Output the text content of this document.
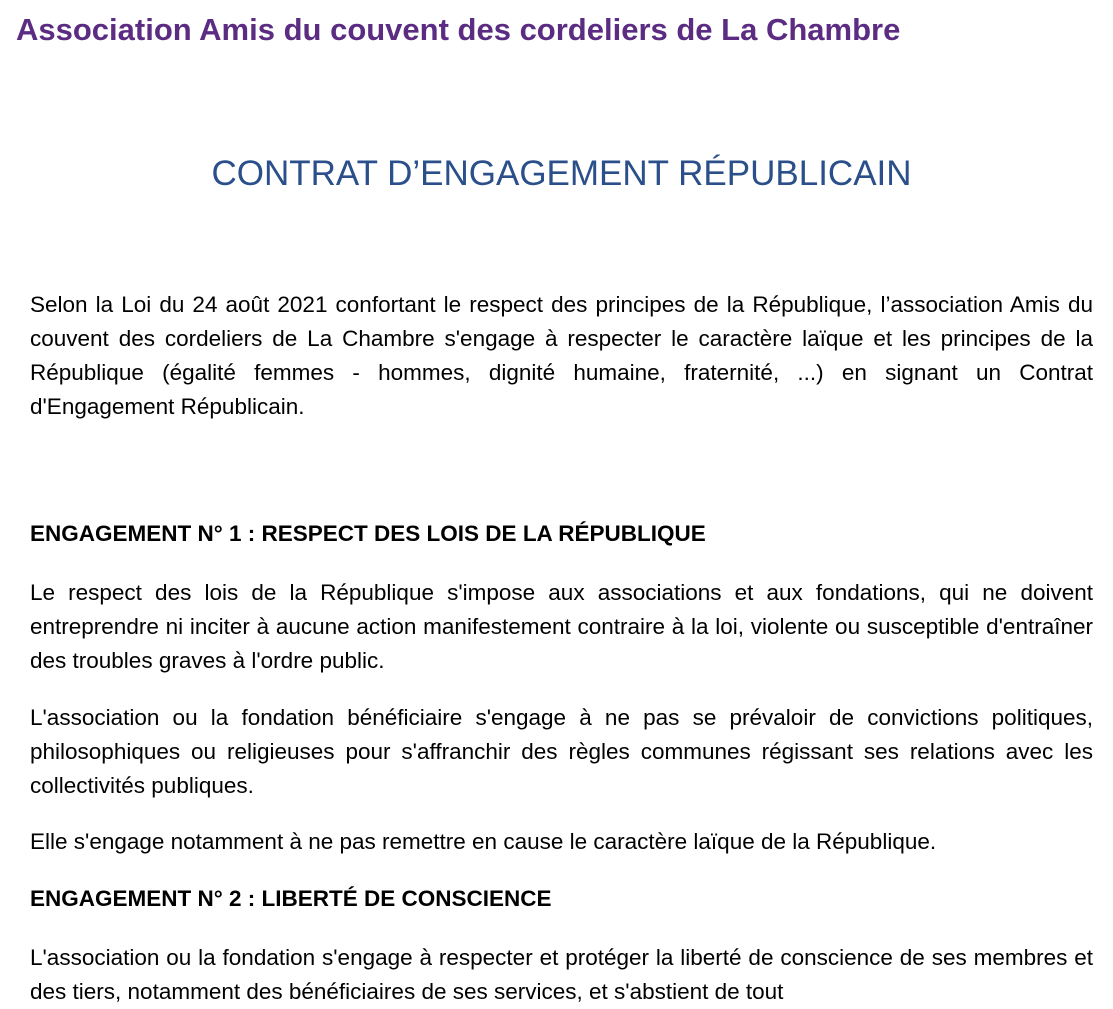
Association Amis du couvent des cordeliers de La Chambre
CONTRAT D’ENGAGEMENT RÉPUBLICAIN

Selon la Loi du 24 août 2021 confortant le respect des principes de la République, l’association Amis du couvent des cordeliers de La Chambre s'engage à respecter le caractère laïque et les principes de la République (égalité femmes - hommes, dignité humaine, fraternité, ...) en signant un Contrat d'Engagement Républicain.

ENGAGEMENT N° 1 : RESPECT DES LOIS DE LA RÉPUBLIQUE

Le respect des lois de la République s'impose aux associations et aux fondations, qui ne doivent entreprendre ni inciter à aucune action manifestement contraire à la loi, violente ou susceptible d'entraîner des troubles graves à l'ordre public.

L'association ou la fondation bénéficiaire s'engage à ne pas se prévaloir de convictions politiques, philosophiques ou religieuses pour s'affranchir des règles communes régissant ses relations avec les collectivités publiques.

Elle s'engage notamment à ne pas remettre en cause le caractère laïque de la République.

ENGAGEMENT N° 2 : LIBERTÉ DE CONSCIENCE

L'association ou la fondation s'engage à respecter et protéger la liberté de conscience de ses membres et des tiers, notamment des bénéficiaires de ses services, et s'abstient de tout
